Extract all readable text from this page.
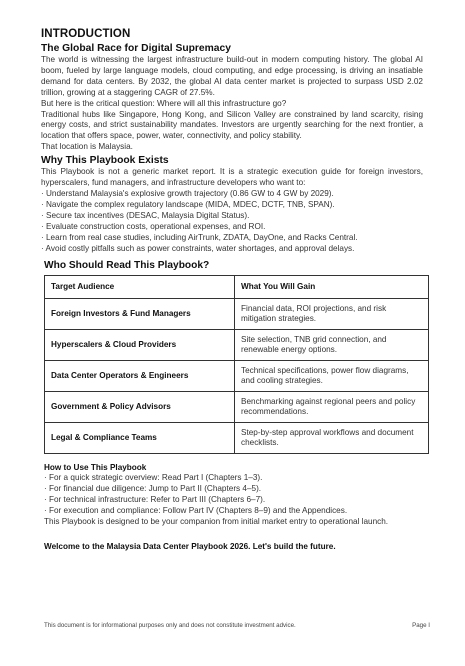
INTRODUCTION
The Global Race for Digital Supremacy

The world is witnessing the largest infrastructure build-out in modern computing history. The global AI boom, fueled by large language models, cloud computing, and edge processing, is driving an insatiable demand for data centers. By 2032, the global AI data center market is projected to surpass USD 2.02 trillion, growing at a staggering CAGR of 27.5%.

But here is the critical question: Where will all this infrastructure go?

Traditional hubs like Singapore, Hong Kong, and Silicon Valley are constrained by land scarcity, rising energy costs, and strict sustainability mandates. Investors are urgently searching for the next frontier, a location that offers space, power, water, connectivity, and policy stability.

That location is Malaysia.

Why This Playbook Exists

This Playbook is not a generic market report. It is a strategic execution guide for foreign investors, hyperscalers, fund managers, and infrastructure developers who want to:

· Understand Malaysia's explosive growth trajectory (0.86 GW to 4 GW by 2029).
· Navigate the complex regulatory landscape (MIDA, MDEC, DCTF, TNB, SPAN).
· Secure tax incentives (DESAC, Malaysia Digital Status).
· Evaluate construction costs, operational expenses, and ROI.
· Learn from real case studies, including AirTrunk, ZDATA, DayOne, and Racks Central.
· Avoid costly pitfalls such as power constraints, water shortages, and approval delays.
Who Should Read This Playbook?
Target Audience	What You Will Gain
Foreign Investors & Fund Managers	Financial data, ROI projections, and risk mitigation strategies.
Hyperscalers & Cloud Providers	Site selection, TNB grid connection, and renewable energy options.
Data Center Operators & Engineers	Technical specifications, power flow diagrams, and cooling strategies.
Government & Policy Advisors	Benchmarking against regional peers and policy recommendations.
Legal & Compliance Teams	Step-by-step approval workflows and document checklists.
How to Use This Playbook
· For a quick strategic overview: Read Part I (Chapters 1–3).
· For financial due diligence: Jump to Part II (Chapters 4–5).
· For technical infrastructure: Refer to Part III (Chapters 6–7).
· For execution and compliance: Follow Part IV (Chapters 8–9) and the Appendices.

This Playbook is designed to be your companion from initial market entry to operational launch.

Welcome to the Malaysia Data Center Playbook 2026. Let's build the future.

This document is for informational purposes only and does not constitute investment advice.	Page I
